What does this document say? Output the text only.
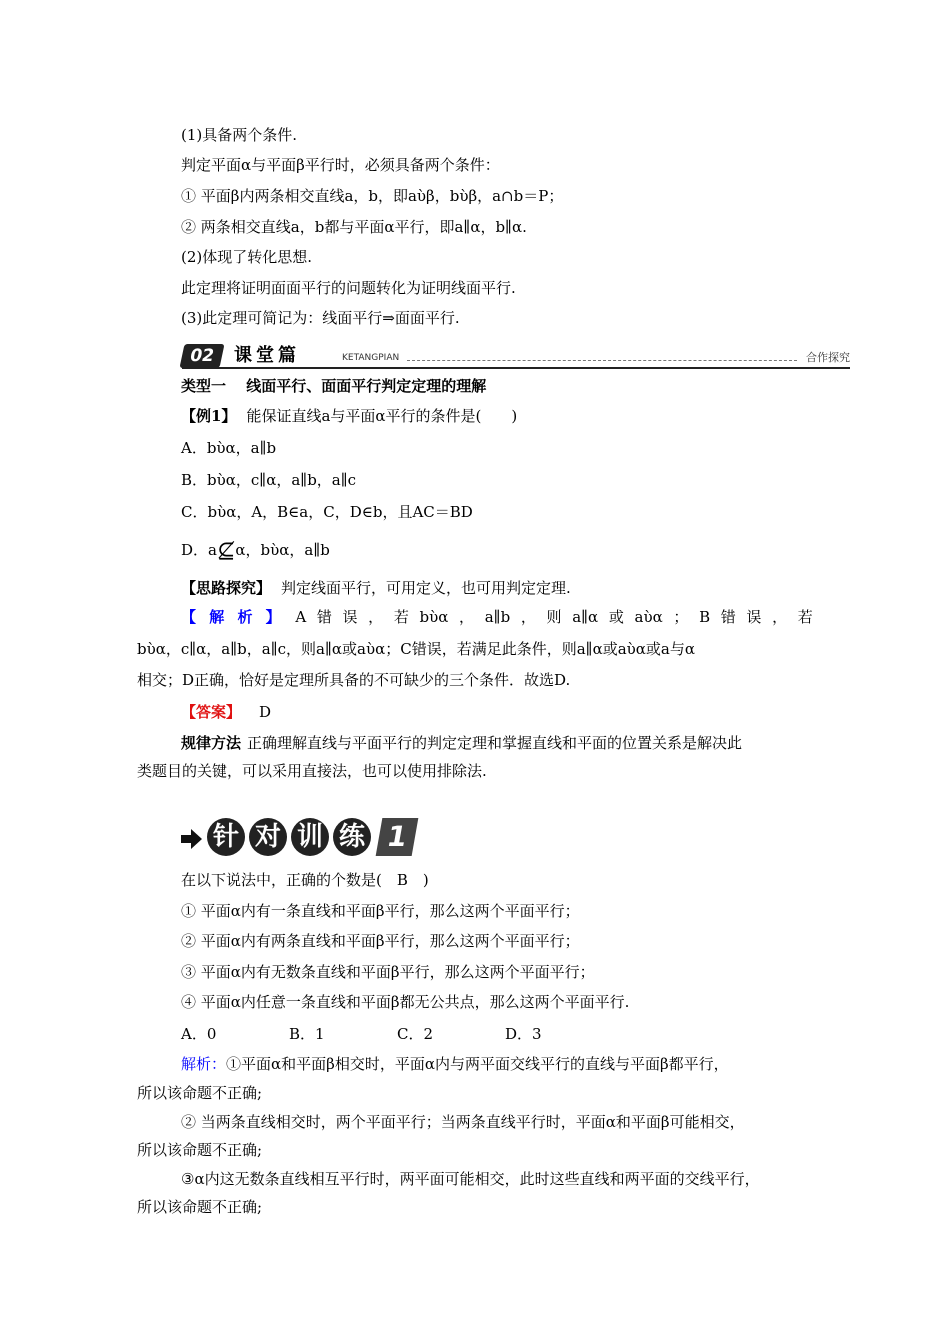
(1)具备两个条件.
判定平面α与平面β平行时，必须具备两个条件：
① 平面β内两条相交直线a，b，即aὺβ，bὺβ，a∩b＝P；
② 两条相交直线a，b都与平面α平行，即a∥α，b∥α.
(2)体现了转化思想.
此定理将证明面面平行的问题转化为证明线面平行.
(3)此定理可简记为：线面平行⇒面面平行.
02	课堂篇	KETANGPIAN	合作探究
类型一　 线面平行、面面平行判定定理的理解
【例1】 能保证直线a与平面α平行的条件是(　　)
A．bὺα，a∥b
B．bὺα，c∥α，a∥b，a∥c
C．bὺα，A，B∈a，C，D∈b，且AC＝BD
D．a⊈α，bὺα，a∥b
【思路探究】 判定线面平行，可用定义，也可用判定定理.
【 解 析 】 A 错 误 ， 若 bὺα ， a∥b ， 则 a∥α 或 aὺα ； B 错 误 ， 若
bὺα，c∥α，a∥b，a∥c，则a∥α或aὺα；C错误，若满足此条件，则a∥α或aὺα或a与α
相交；D正确，恰好是定理所具备的不可缺少的三个条件．故选D.
【答案】 D
规律方法 正确理解直线与平面平行的判定定理和掌握直线和平面的位置关系是解决此
类题目的关键，可以采用直接法，也可以使用排除法.
针 对 训 练 1
在以下说法中，正确的个数是(　B　)
① 平面α内有一条直线和平面β平行，那么这两个平面平行；
② 平面α内有两条直线和平面β平行，那么这两个平面平行；
③ 平面α内有无数条直线和平面β平行，那么这两个平面平行；
④ 平面α内任意一条直线和平面β都无公共点，那么这两个平面平行.
A．0	B．1	C．2	D．3
解析：①平面α和平面β相交时，平面α内与两平面交线平行的直线与平面β都平行，
所以该命题不正确;
② 当两条直线相交时，两个平面平行；当两条直线平行时，平面α和平面β可能相交，
所以该命题不正确;
③α内这无数条直线相互平行时，两平面可能相交，此时这些直线和两平面的交线平行，
所以该命题不正确;
